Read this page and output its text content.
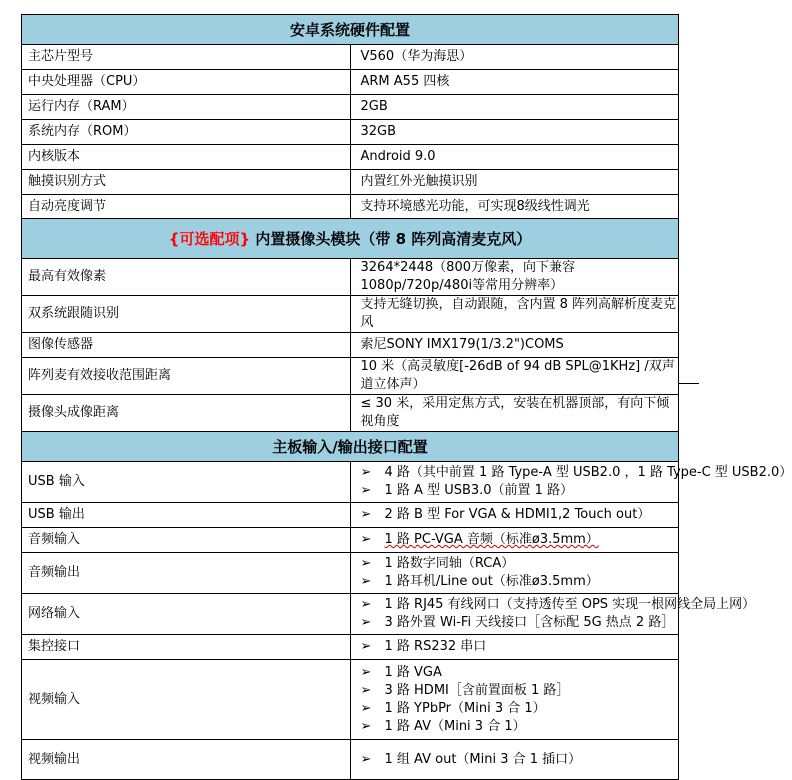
安卓系统硬件配置	
主芯片型号	V560（华为海思）
中央处理器（CPU）	ARM A55 四核
运行内存（RAM）	2GB
系统内存（ROM）	32GB
内核版本	Android 9.0
触摸识别方式	内置红外光触摸识别
自动亮度调节	支持环境感光功能，可实现8级线性调光
{可选配项} 内置摄像头模块（带 8 阵列高清麦克风）	
最高有效像素	3264*2448（800万像素，向下兼容1080p/720p/480i等常用分辨率）
双系统跟随识别	支持无缝切换，自动跟随，含内置 8 阵列高解析度麦克风
图像传感器	索尼SONY IMX179(1/3.2")COMS
阵列麦有效接收范围距离	10 米（高灵敏度[-26dB of 94 dB SPL@1KHz] /双声道立体声）
摄像头成像距离	≤ 30 米，采用定焦方式，安装在机器顶部，有向下倾视角度
主板输入/输出接口配置	
USB 输入	➢ 4 路（其中前置 1 路 Type-A 型 USB2.0 ，1 路 Type-C 型 USB2.0）
➢ 1 路 A 型 USB3.0（前置 1 路）

USB 输出	➢ 2 路 B 型 For VGA & HDMI1,2 Touch out）

音频输入	➢ 1 路 PC-VGA 音频（标准ø3.5mm）

音频输出	➢ 1 路数字同轴（RCA）
➢ 1 路耳机/Line out（标准ø3.5mm）

网络输入	➢ 1 路 RJ45 有线网口（支持透传至 OPS 实现一根网线全局上网）
➢ 3 路外置 Wi-Fi 天线接口［含标配 5G 热点 2 路］

集控接口	➢ 1 路 RS232 串口

视频输入	➢ 1 路 VGA
➢ 3 路 HDMI［含前置面板 1 路］
➢ 1 路 YPbPr（Mini 3 合 1）
➢ 1 路 AV（Mini 3 合 1）

视频输出	➢ 1 组 AV out（Mini 3 合 1 插口）
